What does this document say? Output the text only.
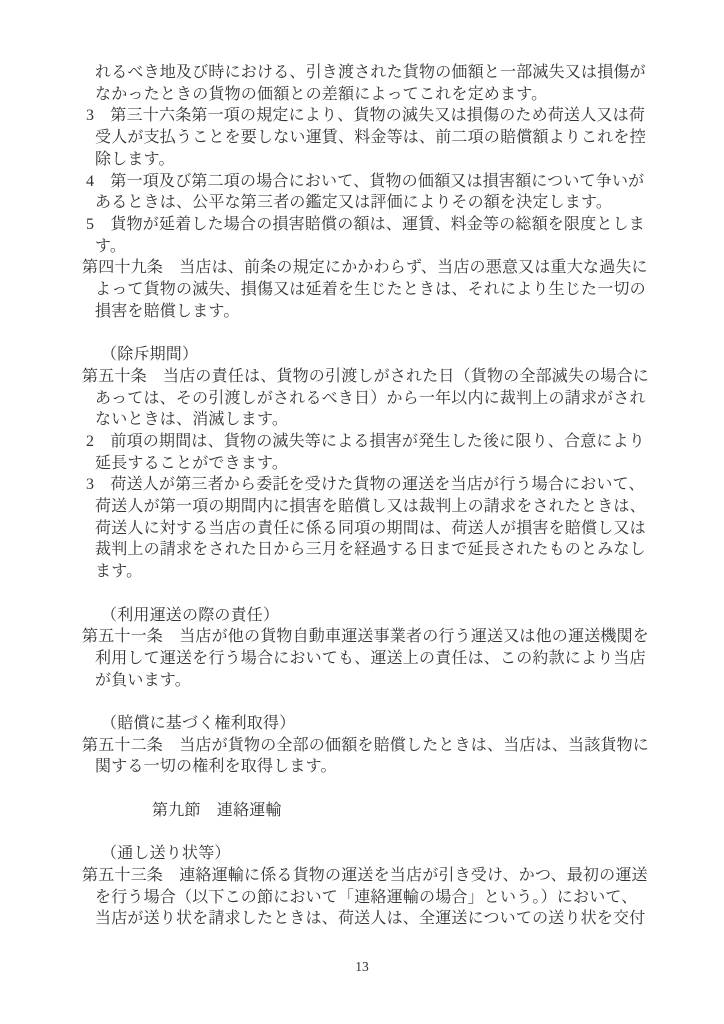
れるべき地及び時における、引き渡された貨物の価額と一部滅失又は損傷が
なかったときの貨物の価額との差額によってこれを定めます。
3　第三十六条第一項の規定により、貨物の滅失又は損傷のため荷送人又は荷
受人が支払うことを要しない運賃、料金等は、前二項の賠償額よりこれを控
除します。
4　第一項及び第二項の場合において、貨物の価額又は損害額について争いが
あるときは、公平な第三者の鑑定又は評価によりその額を決定します。
5　貨物が延着した場合の損害賠償の額は、運賃、料金等の総額を限度としま
す。
第四十九条　当店は、前条の規定にかかわらず、当店の悪意又は重大な過失に
よって貨物の滅失、損傷又は延着を生じたときは、それにより生じた一切の
損害を賠償します。

（除斥期間）
第五十条　当店の責任は、貨物の引渡しがされた日（貨物の全部滅失の場合に
あっては、その引渡しがされるべき日）から一年以内に裁判上の請求がされ
ないときは、消滅します。
2　前項の期間は、貨物の滅失等による損害が発生した後に限り、合意により
延長することができます。
3　荷送人が第三者から委託を受けた貨物の運送を当店が行う場合において、
荷送人が第一項の期間内に損害を賠償し又は裁判上の請求をされたときは、
荷送人に対する当店の責任に係る同項の期間は、荷送人が損害を賠償し又は
裁判上の請求をされた日から三月を経過する日まで延長されたものとみなし
ます。

（利用運送の際の責任）
第五十一条　当店が他の貨物自動車運送事業者の行う運送又は他の運送機関を
利用して運送を行う場合においても、運送上の責任は、この約款により当店
が負います。

（賠償に基づく権利取得）
第五十二条　当店が貨物の全部の価額を賠償したときは、当店は、当該貨物に
関する一切の権利を取得します。

第九節　連絡運輸

（通し送り状等）
第五十三条　連絡運輸に係る貨物の運送を当店が引き受け、かつ、最初の運送
を行う場合（以下この節において「連絡運輸の場合」という。）において、
当店が送り状を請求したときは、荷送人は、全運送についての送り状を交付
13
